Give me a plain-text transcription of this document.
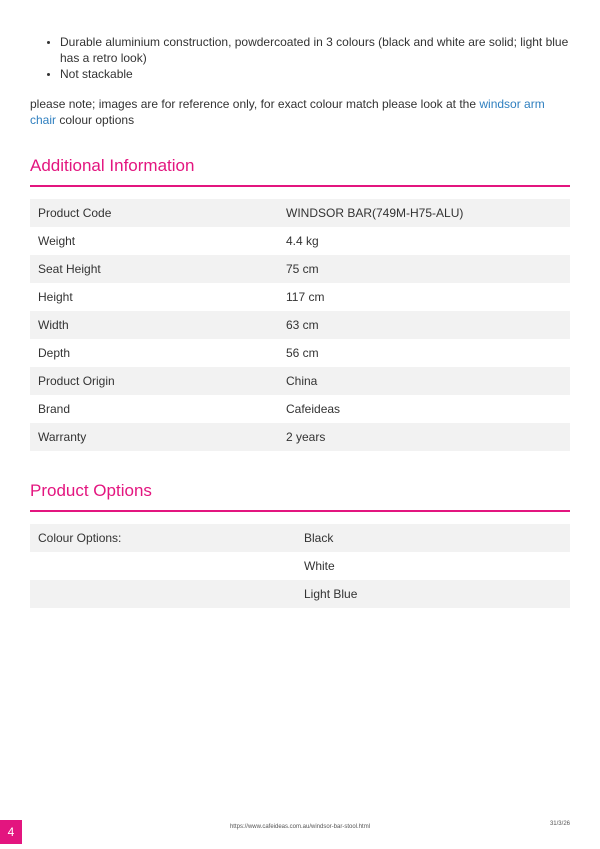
• Durable aluminium construction, powdercoated in 3 colours (black and white are solid; light blue has a retro look)
• Not stackable

please note; images are for reference only, for exact colour match please look at the windsor arm chair colour options

Additional Information
Product Code	WINDSOR BAR(749M-H75-ALU)
Weight	4.4 kg
Seat Height	75 cm
Height	117 cm
Width	63 cm
Depth	56 cm
Product Origin	China
Brand	Cafeideas
Warranty	2 years
Product Options
Colour Options:	Black
	White
	Light Blue
4	https://www.cafeideas.com.au/windsor-bar-stool.html	31/3/26
